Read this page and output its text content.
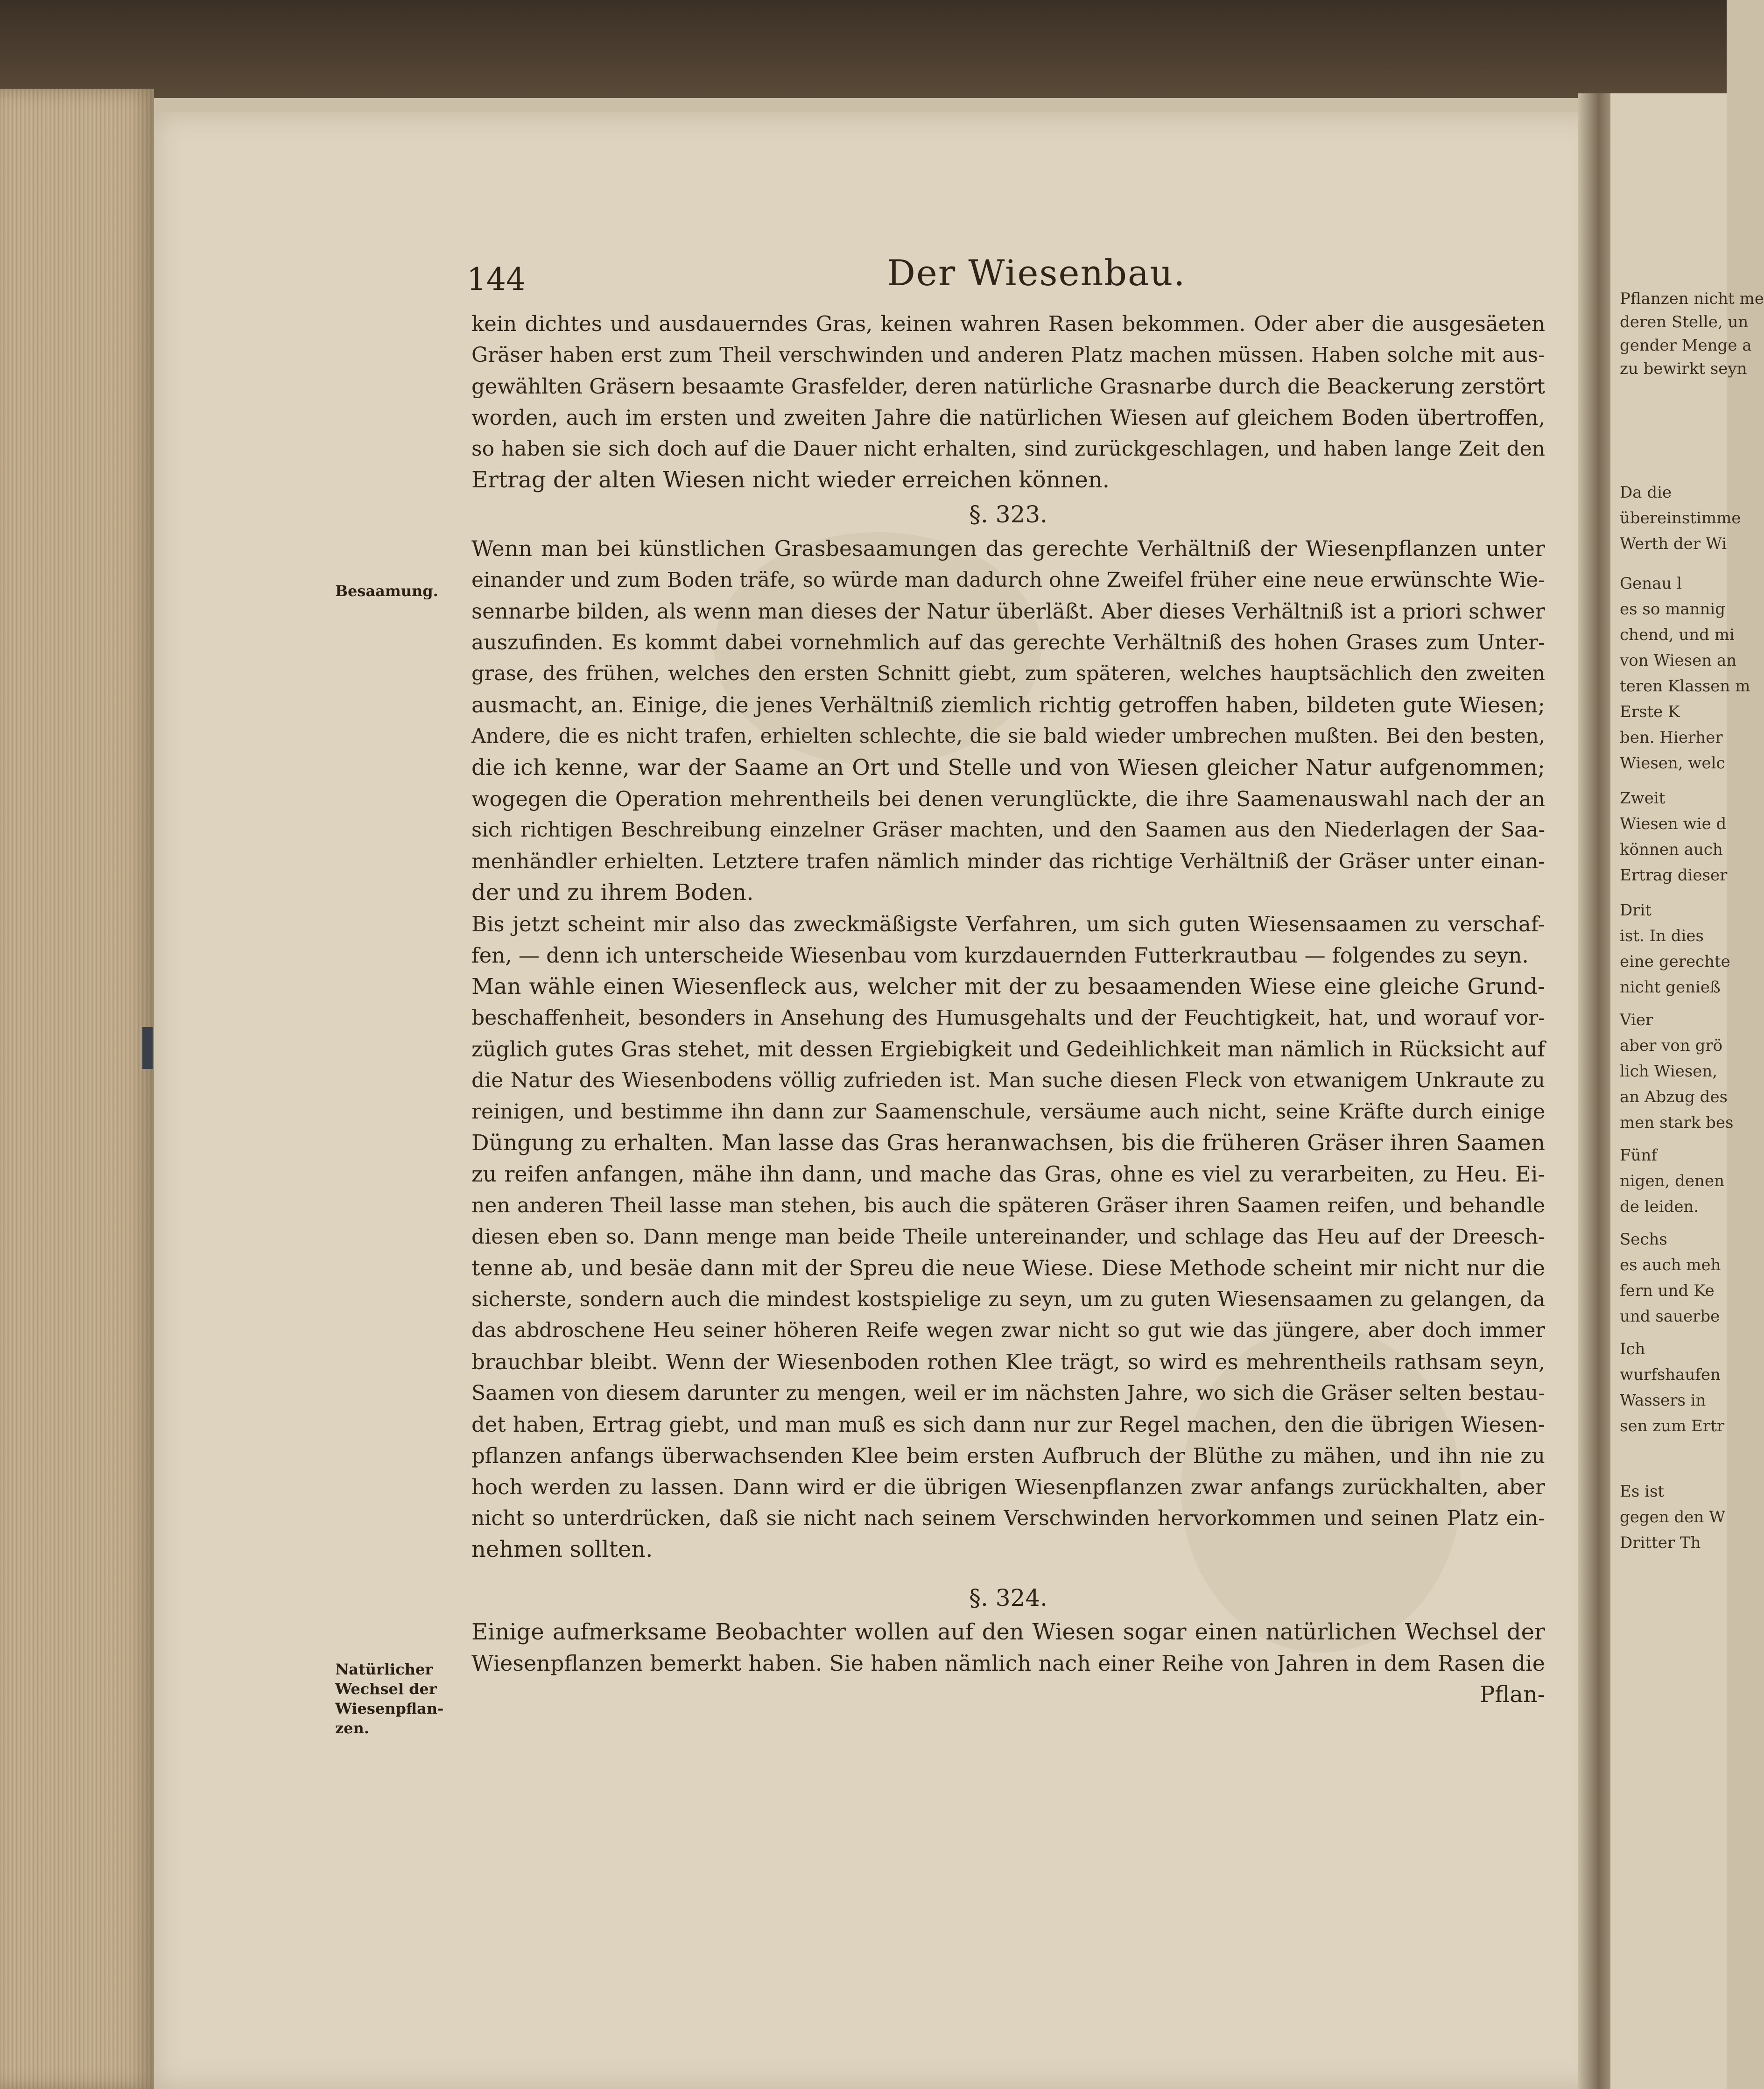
Pflanzen nicht me
deren Stelle, un
gender Menge a
zu bewirkt seyn
Da die
übereinstimme
Werth der Wi
Genau l
es so mannig
chend, und mi
von Wiesen an
teren Klassen m
Erste K
ben. Hierher
Wiesen, welc
Zweit
Wiesen wie d
können auch
Ertrag dieser
Drit
ist. In dies
eine gerechte
nicht genieß
Vier
aber von grö
lich Wiesen,
an Abzug des
men stark bes
Fünf
nigen, denen
de leiden.
Sechs
es auch meh
fern und Ke
und sauerbe
Ich
wurfshaufen
Wassers in
sen zum Ertr
Es ist
gegen den W
Dritter Th
144	Der Wiesenbau.
Besaamung.
Natürlicher Wechsel der Wiesenpflan-zen.
kein dichtes und ausdauerndes Gras, keinen wahren Rasen bekommen. Oder aber die ausgesäeten
Gräser haben erst zum Theil verschwinden und anderen Platz machen müssen. Haben solche mit aus-
gewählten Gräsern besaamte Grasfelder, deren natürliche Grasnarbe durch die Beackerung zerstört
worden, auch im ersten und zweiten Jahre die natürlichen Wiesen auf gleichem Boden übertroffen,
so haben sie sich doch auf die Dauer nicht erhalten, sind zurückgeschlagen, und haben lange Zeit den
Ertrag der alten Wiesen nicht wieder erreichen können.
§. 323.
Wenn man bei künstlichen Grasbesaamungen das gerechte Verhältniß der Wiesenpflanzen unter
einander und zum Boden träfe, so würde man dadurch ohne Zweifel früher eine neue erwünschte Wie-
sennarbe bilden, als wenn man dieses der Natur überläßt. Aber dieses Verhältniß ist a priori schwer
auszufinden. Es kommt dabei vornehmlich auf das gerechte Verhältniß des hohen Grases zum Unter-
grase, des frühen, welches den ersten Schnitt giebt, zum späteren, welches hauptsächlich den zweiten
ausmacht, an. Einige, die jenes Verhältniß ziemlich richtig getroffen haben, bildeten gute Wiesen;
Andere, die es nicht trafen, erhielten schlechte, die sie bald wieder umbrechen mußten. Bei den besten,
die ich kenne, war der Saame an Ort und Stelle und von Wiesen gleicher Natur aufgenommen;
wogegen die Operation mehrentheils bei denen verunglückte, die ihre Saamenauswahl nach der an
sich richtigen Beschreibung einzelner Gräser machten, und den Saamen aus den Niederlagen der Saa-
menhändler erhielten. Letztere trafen nämlich minder das richtige Verhältniß der Gräser unter einan-
der und zu ihrem Boden.
Bis jetzt scheint mir also das zweckmäßigste Verfahren, um sich guten Wiesensaamen zu verschaf-
fen, — denn ich unterscheide Wiesenbau vom kurzdauernden Futterkrautbau — folgendes zu seyn.
Man wähle einen Wiesenfleck aus, welcher mit der zu besaamenden Wiese eine gleiche Grund-
beschaffenheit, besonders in Ansehung des Humusgehalts und der Feuchtigkeit, hat, und worauf vor-
züglich gutes Gras stehet, mit dessen Ergiebigkeit und Gedeihlichkeit man nämlich in Rücksicht auf
die Natur des Wiesenbodens völlig zufrieden ist. Man suche diesen Fleck von etwanigem Unkraute zu
reinigen, und bestimme ihn dann zur Saamenschule, versäume auch nicht, seine Kräfte durch einige
Düngung zu erhalten. Man lasse das Gras heranwachsen, bis die früheren Gräser ihren Saamen
zu reifen anfangen, mähe ihn dann, und mache das Gras, ohne es viel zu verarbeiten, zu Heu. Ei-
nen anderen Theil lasse man stehen, bis auch die späteren Gräser ihren Saamen reifen, und behandle
diesen eben so. Dann menge man beide Theile untereinander, und schlage das Heu auf der Dreesch-
tenne ab, und besäe dann mit der Spreu die neue Wiese. Diese Methode scheint mir nicht nur die
sicherste, sondern auch die mindest kostspielige zu seyn, um zu guten Wiesensaamen zu gelangen, da
das abdroschene Heu seiner höheren Reife wegen zwar nicht so gut wie das jüngere, aber doch immer
brauchbar bleibt. Wenn der Wiesenboden rothen Klee trägt, so wird es mehrentheils rathsam seyn,
Saamen von diesem darunter zu mengen, weil er im nächsten Jahre, wo sich die Gräser selten bestau-
det haben, Ertrag giebt, und man muß es sich dann nur zur Regel machen, den die übrigen Wiesen-
pflanzen anfangs überwachsenden Klee beim ersten Aufbruch der Blüthe zu mähen, und ihn nie zu
hoch werden zu lassen. Dann wird er die übrigen Wiesenpflanzen zwar anfangs zurückhalten, aber
nicht so unterdrücken, daß sie nicht nach seinem Verschwinden hervorkommen und seinen Platz ein-
nehmen sollten.
§. 324.
Einige aufmerksame Beobachter wollen auf den Wiesen sogar einen natürlichen Wechsel der
Wiesenpflanzen bemerkt haben. Sie haben nämlich nach einer Reihe von Jahren in dem Rasen die
Pflan-
